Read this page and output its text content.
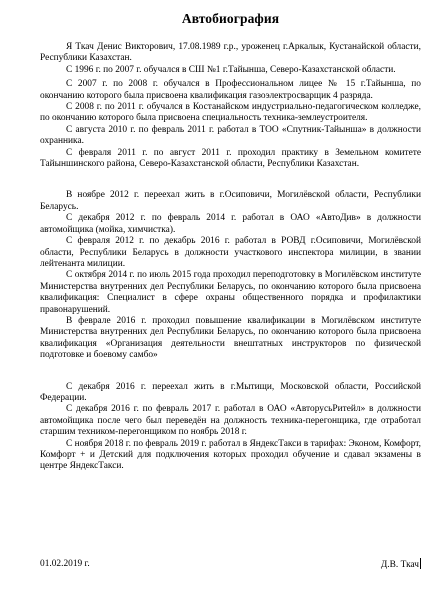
Автобиография

Я Ткач Денис Викторович, 17.08.1989 г.р., уроженец г.Аркалык, Кустанайской области, Республики Казахстан.

С 1996 г. по 2007 г. обучался в СШ №1 г.Тайынша, Северо-Казахстанской области.

С 2007 г. по 2008 г. обучался в Профессиональном лицее № 15 г.Тайынша, по окончанию которого была присвоена квалификация газоэлектросварщик 4 разряда.

С 2008 г. по 2011 г. обучался в Костанайском индустриально-педагогическом колледже, по окончанию которого была присвоена специальность техника-землеустроителя.

С августа 2010 г. по февраль 2011 г. работал в ТОО «Спутник-Тайынша» в должности охранника.

С февраля 2011 г. по август 2011 г. проходил практику в Земельном комитете Тайыншинского района, Северо-Казахстанской области, Республики Казахстан.

В ноябре 2012 г. переехал жить в г.Осиповичи, Могилёвской области, Республики Беларусь.

С декабря 2012 г. по февраль 2014 г. работал в ОАО «АвтоДив» в должности автомойщика (мойка, химчистка).

С февраля 2012 г. по декабрь 2016 г. работал в РОВД г.Осиповичи, Могилёвской области, Республики Беларусь в должности участкового инспектора милиции, в звании лейтенанта милиции.

С октября 2014 г. по июль 2015 года проходил переподготовку в Могилёвском институте Министерства внутренних дел Республики Беларусь, по окончанию которого была присвоена квалификация: Специалист в сфере охраны общественного порядка и профилактики правонарушений.

В феврале 2016 г. проходил повышение квалификации в Могилёвском институте Министерства внутренних дел Республики Беларусь, по окончанию которого была присвоена квалификация «Организация деятельности внештатных инструкторов по физической подготовке и боевому самбо»

С декабря 2016 г. переехал жить в г.Мытищи, Московской области, Российской Федерации.

С декабря 2016 г. по февраль 2017 г. работал в ОАО «АвторусьРитейл» в должности автомойщика после чего был переведён на должность техника-перегонщика, где отработал старшим техником-перегонщиком по ноябрь 2018 г.

С ноября 2018 г. по февраль 2019 г. работал в ЯндексТакси в тарифах: Эконом, Комфорт, Комфорт + и Детский для подключения которых проходил обучение и сдавал экзамены в центре ЯндексТакси.

01.02.2019 г.	Д.В. Ткач
